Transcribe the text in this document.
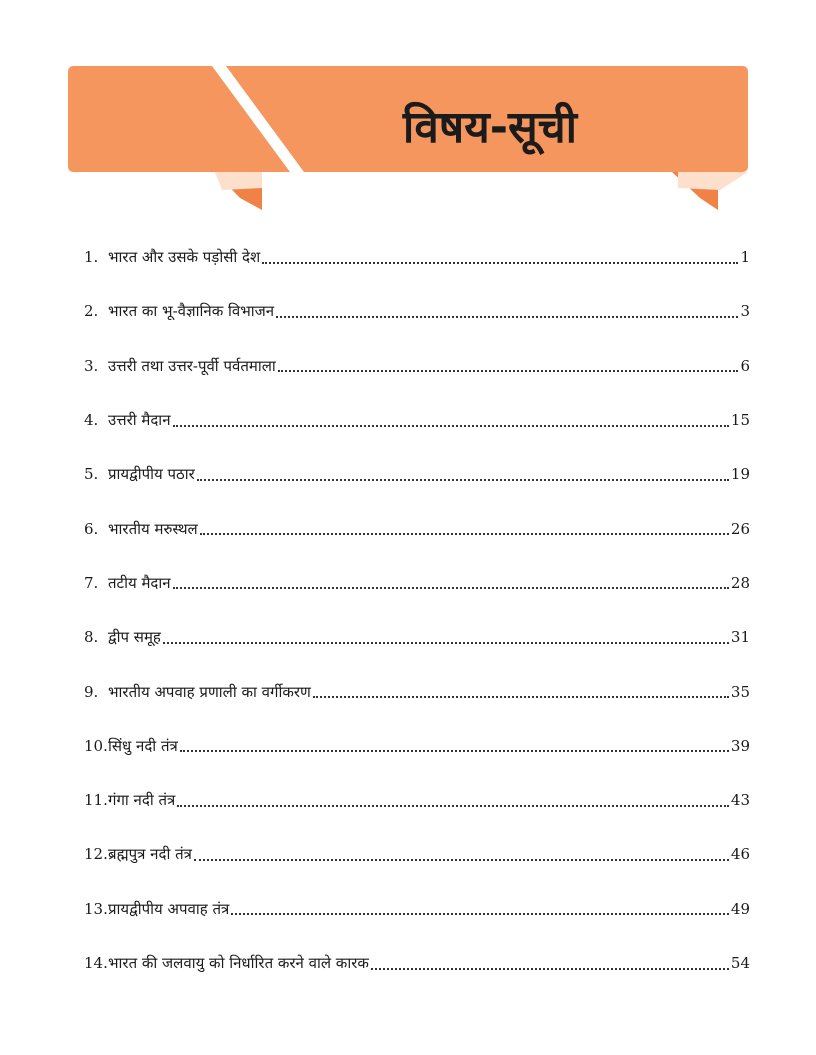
विषय-सूची
1. भारत और उसके पड़ोसी देश	1
2. भारत का भू-वैज्ञानिक विभाजन	3
3. उत्तरी तथा उत्तर-पूर्वी पर्वतमाला	6
4. उत्तरी मैदान	15
5. प्रायद्वीपीय पठार	19
6. भारतीय मरुस्थल	26
7. तटीय मैदान	28
8. द्वीप समूह	31
9. भारतीय अपवाह प्रणाली का वर्गीकरण	35
10. सिंधु नदी तंत्र	39
11. गंगा नदी तंत्र	43
12. ब्रह्मपुत्र नदी तंत्र	46
13. प्रायद्वीपीय अपवाह तंत्र	49
14. भारत की जलवायु को निर्धारित करने वाले कारक	54
